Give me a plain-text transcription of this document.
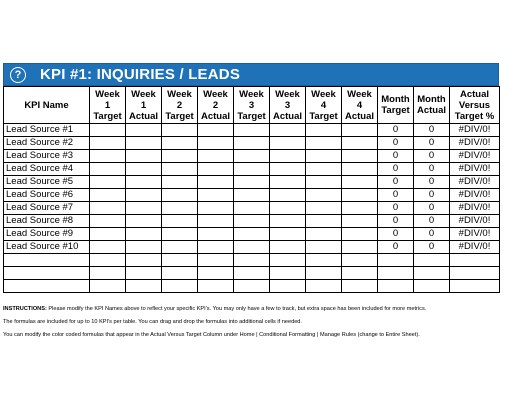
?	KPI #1: INQUIRIES / LEADS
KPI Name	Week 1 Target	Week 1 Actual	Week 2 Target	Week 2 Actual	Week 3 Target	Week 3 Actual	Week 4 Target	Week 4 Actual	Month Target	Month Actual	Actual Versus Target %
Lead Source #1									0	0	#DIV/0!
Lead Source #2									0	0	#DIV/0!
Lead Source #3									0	0	#DIV/0!
Lead Source #4									0	0	#DIV/0!
Lead Source #5									0	0	#DIV/0!
Lead Source #6									0	0	#DIV/0!
Lead Source #7									0	0	#DIV/0!
Lead Source #8									0	0	#DIV/0!
Lead Source #9									0	0	#DIV/0!
Lead Source #10									0	0	#DIV/0!

INSTRUCTIONS: Please modify the KPI Names above to reflect your specific KPI's. You may only have a few to track, but extra space has been included for more metrics.

The formulas are included for up to 10 KPI's per table. You can drag and drop the formulas into additional cells if needed.

You can modify the color coded formulas that appear in the Actual Versus Target Column under Home | Conditional Formatting | Manage Rules (change to Entire Sheet).
